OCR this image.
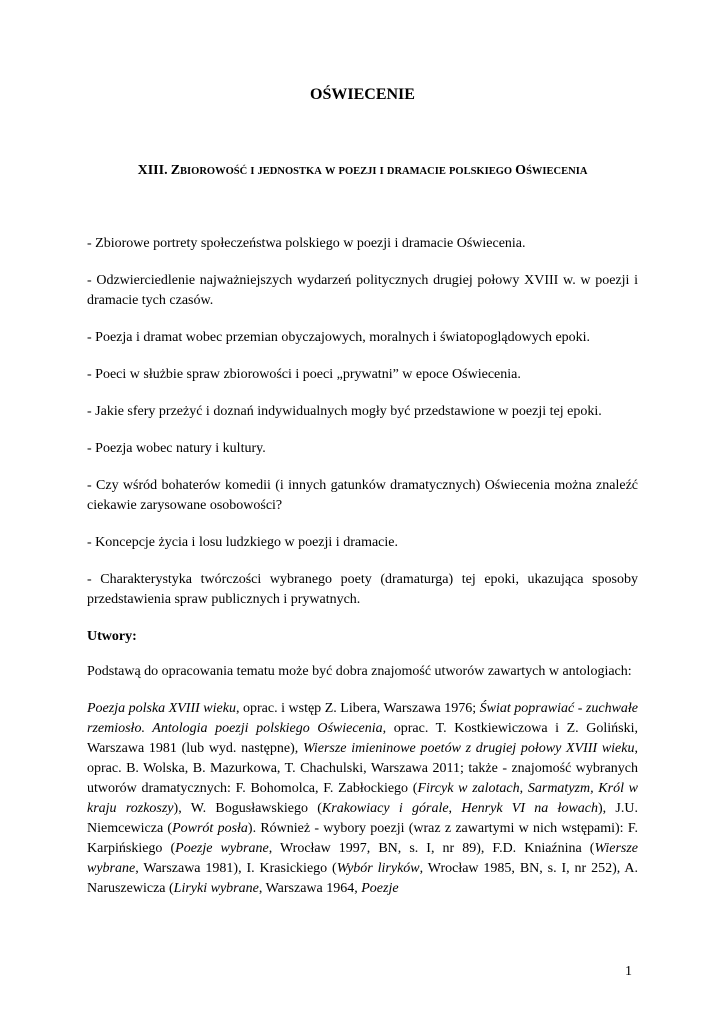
OŚWIECENIE
XIII. ZBIOROWOŚĆ I JEDNOSTKA W POEZJI I DRAMACIE POLSKIEGO OŚWIECENIA

- Zbiorowe portrety społeczeństwa polskiego w poezji i dramacie Oświecenia.

- Odzwierciedlenie najważniejszych wydarzeń politycznych drugiej połowy XVIII w. w poezji i dramacie tych czasów.

- Poezja i dramat wobec przemian obyczajowych, moralnych i światopoglądowych epoki.

- Poeci w służbie spraw zbiorowości i poeci „prywatni” w epoce Oświecenia.

- Jakie sfery przeżyć i doznań indywidualnych mogły być przedstawione w poezji tej epoki.

- Poezja wobec natury i kultury.

- Czy wśród bohaterów komedii (i innych gatunków dramatycznych) Oświecenia można znaleźć ciekawie zarysowane osobowości?

- Koncepcje życia i losu ludzkiego w poezji i dramacie.

- Charakterystyka twórczości wybranego poety (dramaturga) tej epoki, ukazująca sposoby przedstawienia spraw publicznych i prywatnych.

Utwory:

Podstawą do opracowania tematu może być dobra znajomość utworów zawartych w antologiach:

Poezja polska XVIII wieku, oprac. i wstęp Z. Libera, Warszawa 1976; Świat poprawiać - zuchwałe rzemiosło. Antologia poezji polskiego Oświecenia, oprac. T. Kostkiewiczowa i Z. Goliński, Warszawa 1981 (lub wyd. następne), Wiersze imieninowe poetów z drugiej połowy XVIII wieku, oprac. B. Wolska, B. Mazurkowa, T. Chachulski, Warszawa 2011; także - znajomość wybranych utworów dramatycznych: F. Bohomolca, F. Zabłockiego (Fircyk w zalotach, Sarmatyzm, Król w kraju rozkoszy), W. Bogusławskiego (Krakowiacy i górale, Henryk VI na łowach), J.U. Niemcewicza (Powrót posła). Również - wybory poezji (wraz z zawartymi w nich wstępami): F. Karpińskiego (Poezje wybrane, Wrocław 1997, BN, s. I, nr 89), F.D. Kniaźnina (Wiersze wybrane, Warszawa 1981), I. Krasickiego (Wybór liryków, Wrocław 1985, BN, s. I, nr 252), A. Naruszewicza (Liryki wybrane, Warszawa 1964, Poezje

1
